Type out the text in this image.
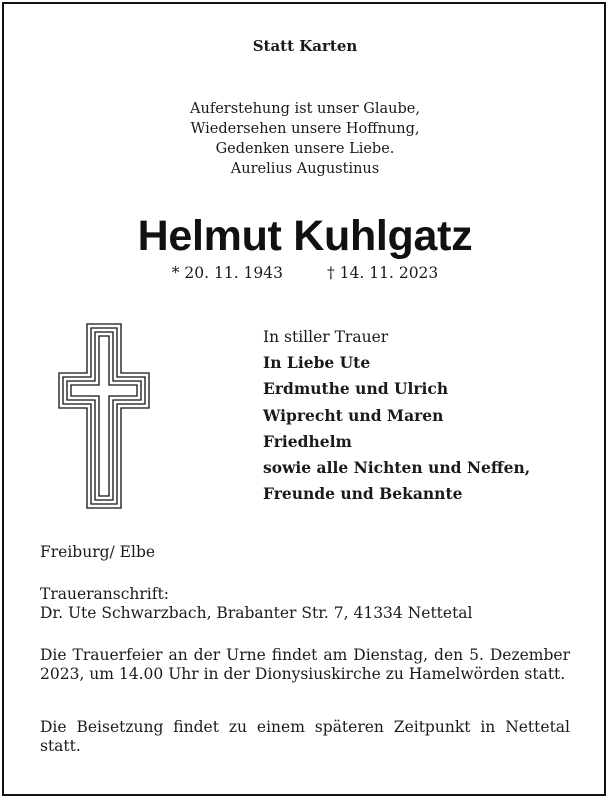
Statt Karten
Auferstehung ist unser Glaube,
Wiedersehen unsere Hoffnung,
Gedenken unsere Liebe.
Aurelius Augustinus
Helmut Kuhlgatz
* 20. 11. 1943	† 14. 11. 2023
In stiller Trauer
In Liebe Ute
Erdmuthe und Ulrich
Wiprecht und Maren
Friedhelm
sowie alle Nichten und Neffen,
Freunde und Bekannte
Freiburg/ Elbe
Traueranschrift:
Dr. Ute Schwarzbach, Brabanter Str. 7, 41334 Nettetal
Die Trauerfeier an der Urne findet am Dienstag, den 5. Dezember 2023, um 14.00 Uhr in der Dionysiuskirche zu Hamelwörden statt.
Die Beisetzung findet zu einem späteren Zeitpunkt in Nettetal statt.
